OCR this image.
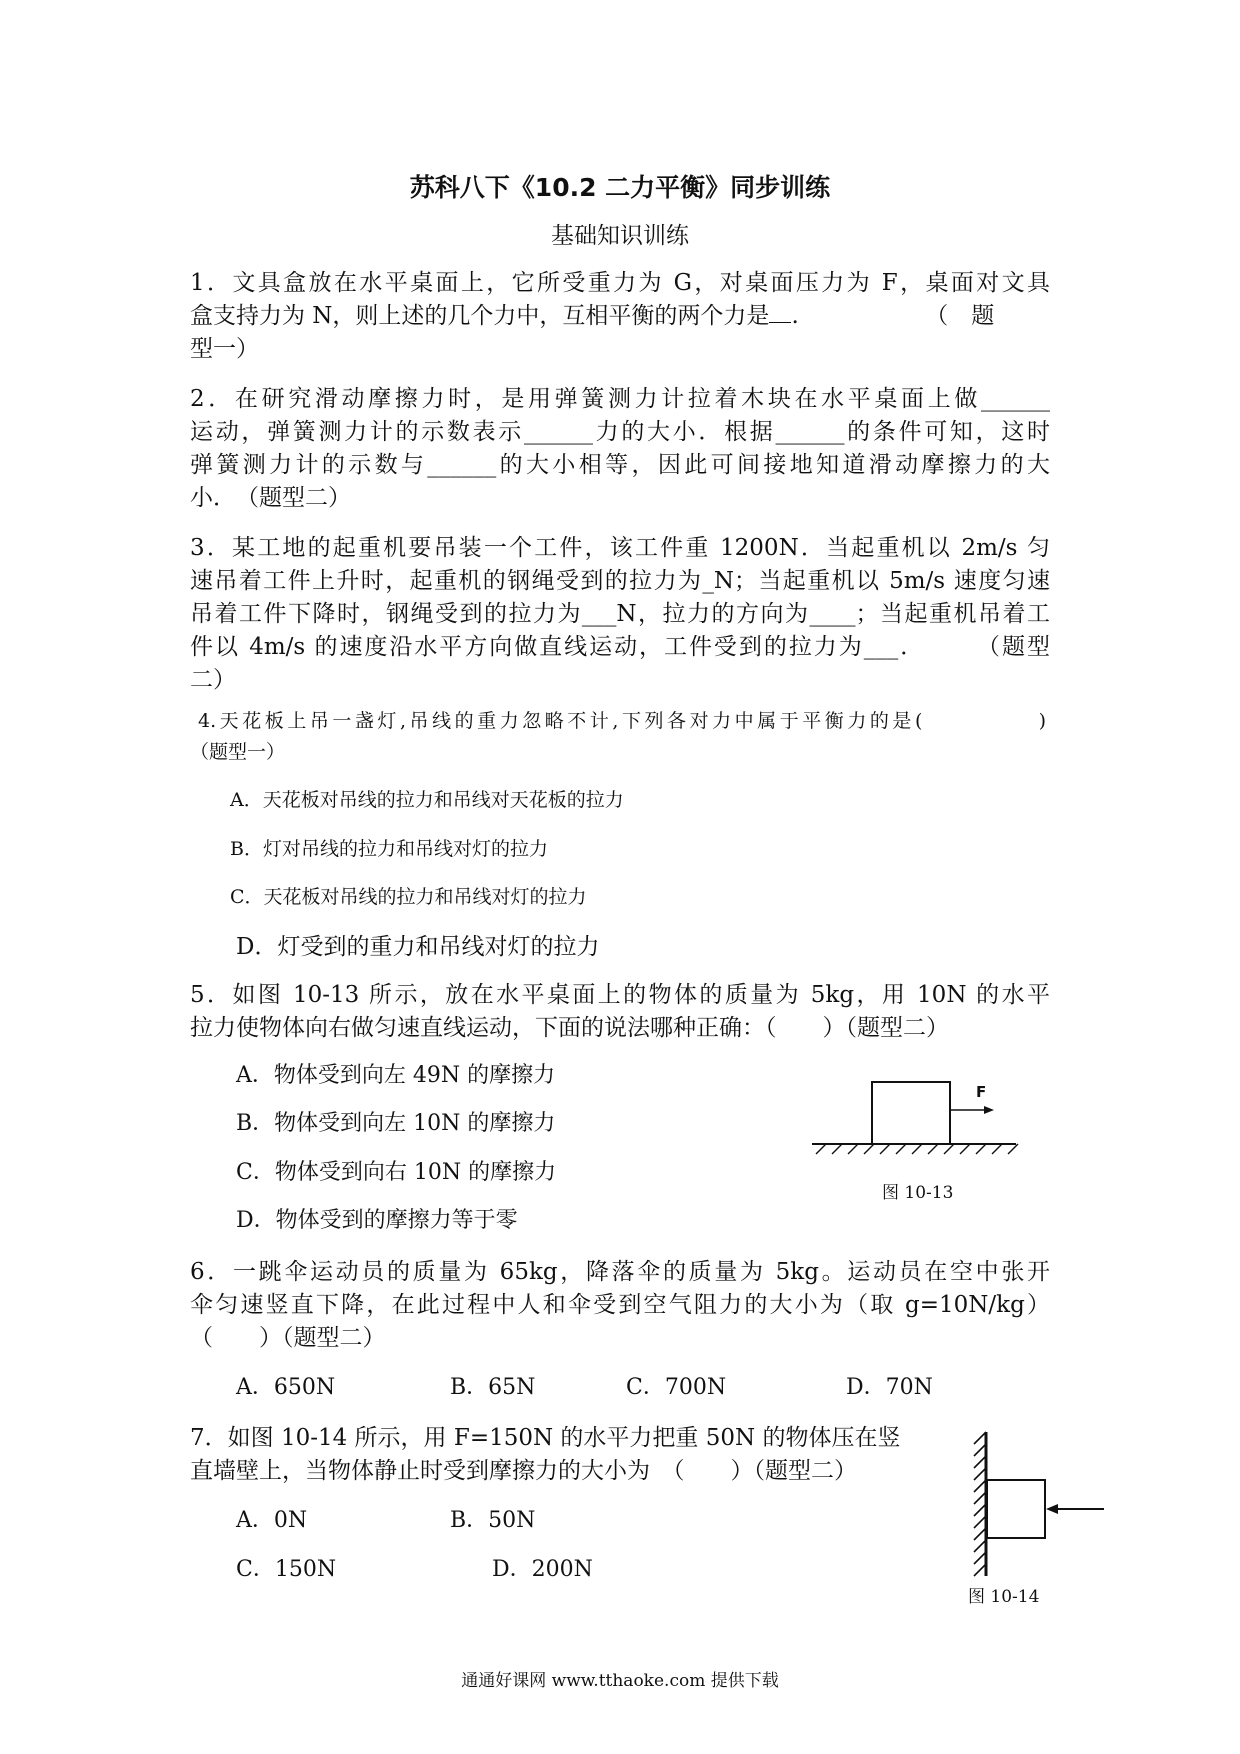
苏科八下《10.2 二力平衡》同步训练
基础知识训练
1．文具盒放在水平桌面上，它所受重力为 G，对桌面压力为 F，桌面对文具
盒支持力为 N，则上述的几个力中，互相平衡的两个力是 .　　　　　　（　题
型一）
2．在研究滑动摩擦力时，是用弹簧测力计拉着木块在水平桌面上做______
运动，弹簧测力计的示数表示______力的大小．根据______的条件可知，这时
弹簧测力计的示数与______的大小相等，因此可间接地知道滑动摩擦力的大
小．　（题型二）
3．某工地的起重机要吊装一个工件，该工件重 1200N．当起重机以 2m/s 匀
速吊着工件上升时，起重机的钢绳受到的拉力为_N；当起重机以 5m/s 速度匀速
吊着工件下降时，钢绳受到的拉力为___N，拉力的方向为____；当起重机吊着工
件以 4m/s 的速度沿水平方向做直线运动，工件受到的拉力为___．　　　（题型
二）
4.天花板上吊一盏灯,吊线的重力忽略不计,下列各对力中属于平衡力的是(　　　　　)
（题型一）
A．天花板对吊线的拉力和吊线对天花板的拉力
B．灯对吊线的拉力和吊线对灯的拉力
C．天花板对吊线的拉力和吊线对灯的拉力
D．灯受到的重力和吊线对灯的拉力
5．如图 10-13 所示，放在水平桌面上的物体的质量为 5kg，用 10N 的水平
拉力使物体向右做匀速直线运动，下面的说法哪种正确：（　　）（题型二）
A．物体受到向左 49N 的摩擦力
B．物体受到向左 10N 的摩擦力
C．物体受到向右 10N 的摩擦力
D．物体受到的摩擦力等于零
F
图 10-13
6．一跳伞运动员的质量为 65kg，降落伞的质量为 5kg。运动员在空中张开
伞匀速竖直下降，在此过程中人和伞受到空气阻力的大小为（取 g=10N/kg）
（　　）（题型二）
A．650N	B．65N	C．700N	D．70N
7．如图 10-14 所示，用 F=150N 的水平力把重 50N 的物体压在竖
直墙壁上，当物体静止时受到摩擦力的大小为　（　　）（题型二）
A．0N	B．50N
C．150N	D．200N
图 10-14
通通好课网 www.tthaoke.com 提供下载
